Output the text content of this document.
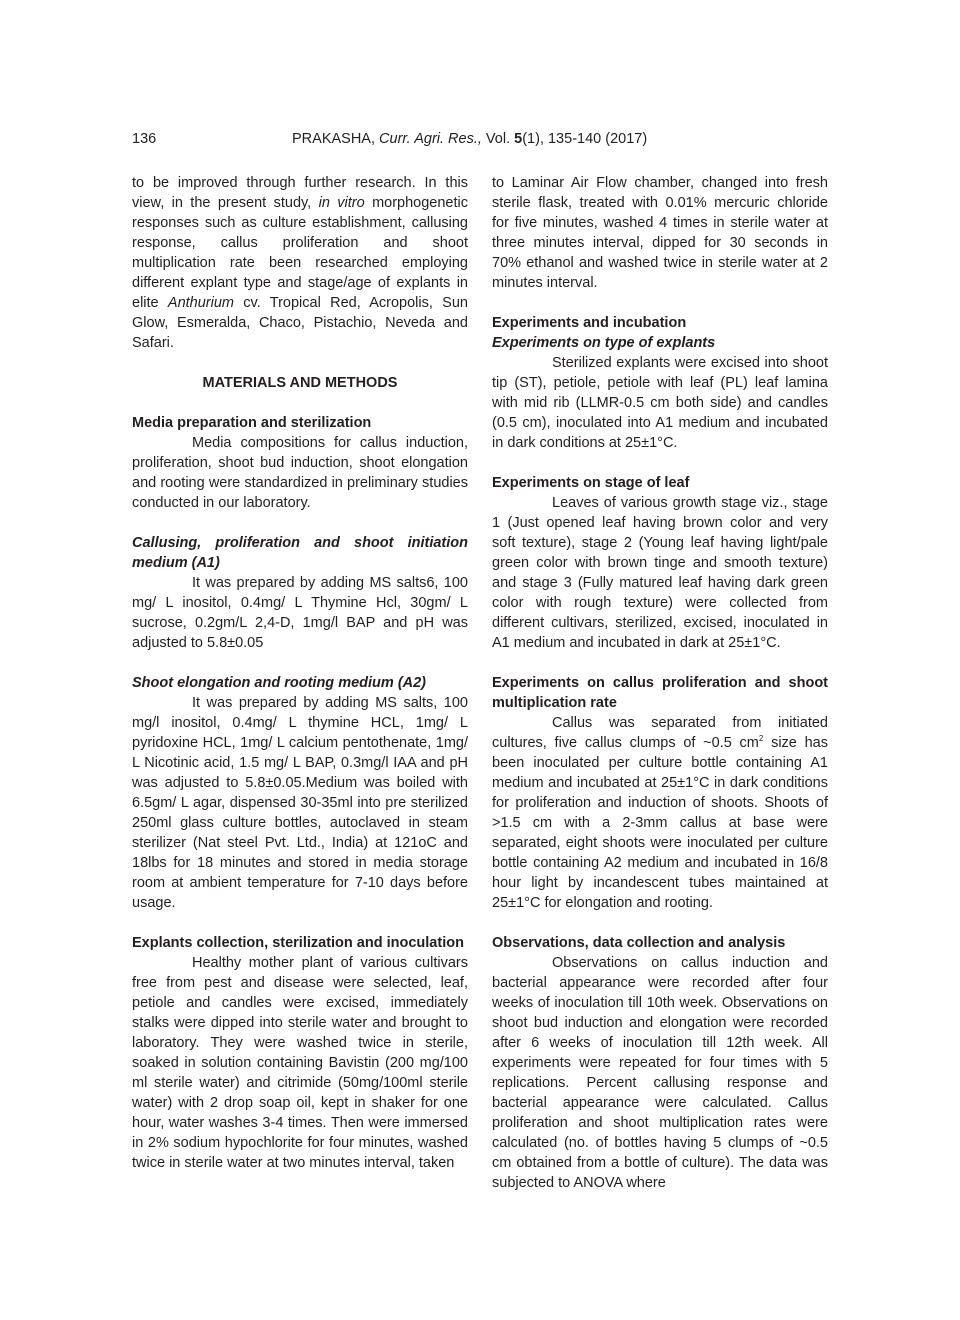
136	PRAKASHA, Curr. Agri. Res., Vol. 5(1), 135-140 (2017)

to be improved through further research. In this view, in the present study, in vitro morphogenetic responses such as culture establishment, callusing response, callus proliferation and shoot multiplication rate been researched employing different explant type and stage/age of explants in elite Anthurium cv. Tropical Red, Acropolis, Sun Glow, Esmeralda, Chaco, Pistachio, Neveda and Safari.

MATERIALS AND METHODS
Media preparation and sterilization

Media compositions for callus induction, proliferation, shoot bud induction, shoot elongation and rooting were standardized in preliminary studies conducted in our laboratory.

Callusing, proliferation and shoot initiation medium (A1)

It was prepared by adding MS salts6, 100 mg/ L inositol, 0.4mg/ L Thymine Hcl, 30gm/ L sucrose, 0.2gm/L 2,4-D, 1mg/l BAP and pH was adjusted to 5.8±0.05

Shoot elongation and rooting medium (A2)

It was prepared by adding MS salts, 100 mg/l inositol, 0.4mg/ L thymine HCL, 1mg/ L pyridoxine HCL, 1mg/ L calcium pentothenate, 1mg/ L Nicotinic acid, 1.5 mg/ L BAP, 0.3mg/l IAA and pH was adjusted to 5.8±0.05.Medium was boiled with 6.5gm/ L agar, dispensed 30-35ml into pre sterilized 250ml glass culture bottles, autoclaved in steam sterilizer (Nat steel Pvt. Ltd., India) at 121oC and 18lbs for 18 minutes and stored in media storage room at ambient temperature for 7-10 days before usage.

Explants collection, sterilization and inoculation

Healthy mother plant of various cultivars free from pest and disease were selected, leaf, petiole and candles were excised, immediately stalks were dipped into sterile water and brought to laboratory. They were washed twice in sterile, soaked in solution containing Bavistin (200 mg/100 ml sterile water) and citrimide (50mg/100ml sterile water) with 2 drop soap oil, kept in shaker for one hour, water washes 3-4 times. Then were immersed in 2% sodium hypochlorite for four minutes, washed twice in sterile water at two minutes interval, taken

to Laminar Air Flow chamber, changed into fresh sterile flask, treated with 0.01% mercuric chloride for five minutes, washed 4 times in sterile water at three minutes interval, dipped for 30 seconds in 70% ethanol and washed twice in sterile water at 2 minutes interval.

Experiments and incubation
Experiments on type of explants

Sterilized explants were excised into shoot tip (ST), petiole, petiole with leaf (PL) leaf lamina with mid rib (LLMR-0.5 cm both side) and candles (0.5 cm), inoculated into A1 medium and incubated in dark conditions at 25±1°C.

Experiments on stage of leaf

Leaves of various growth stage viz., stage 1 (Just opened leaf having brown color and very soft texture), stage 2 (Young leaf having light/pale green color with brown tinge and smooth texture) and stage 3 (Fully matured leaf having dark green color with rough texture) were collected from different cultivars, sterilized, excised, inoculated in A1 medium and incubated in dark at 25±1°C.

Experiments on callus proliferation and shoot multiplication rate

Callus was separated from initiated cultures, five callus clumps of ~0.5 $cm^2$ size has been inoculated per culture bottle containing A1 medium and incubated at 25±1°C in dark conditions for proliferation and induction of shoots. Shoots of >1.5 cm with a 2-3mm callus at base were separated, eight shoots were inoculated per culture bottle containing A2 medium and incubated in 16/8 hour light by incandescent tubes maintained at 25±1°C for elongation and rooting.

Observations, data collection and analysis

Observations on callus induction and bacterial appearance were recorded after four weeks of inoculation till 10th week. Observations on shoot bud induction and elongation were recorded after 6 weeks of inoculation till 12th week. All experiments were repeated for four times with 5 replications. Percent callusing response and bacterial appearance were calculated. Callus proliferation and shoot multiplication rates were calculated (no. of bottles having 5 clumps of ~0.5 cm obtained from a bottle of culture). The data was subjected to ANOVA where
